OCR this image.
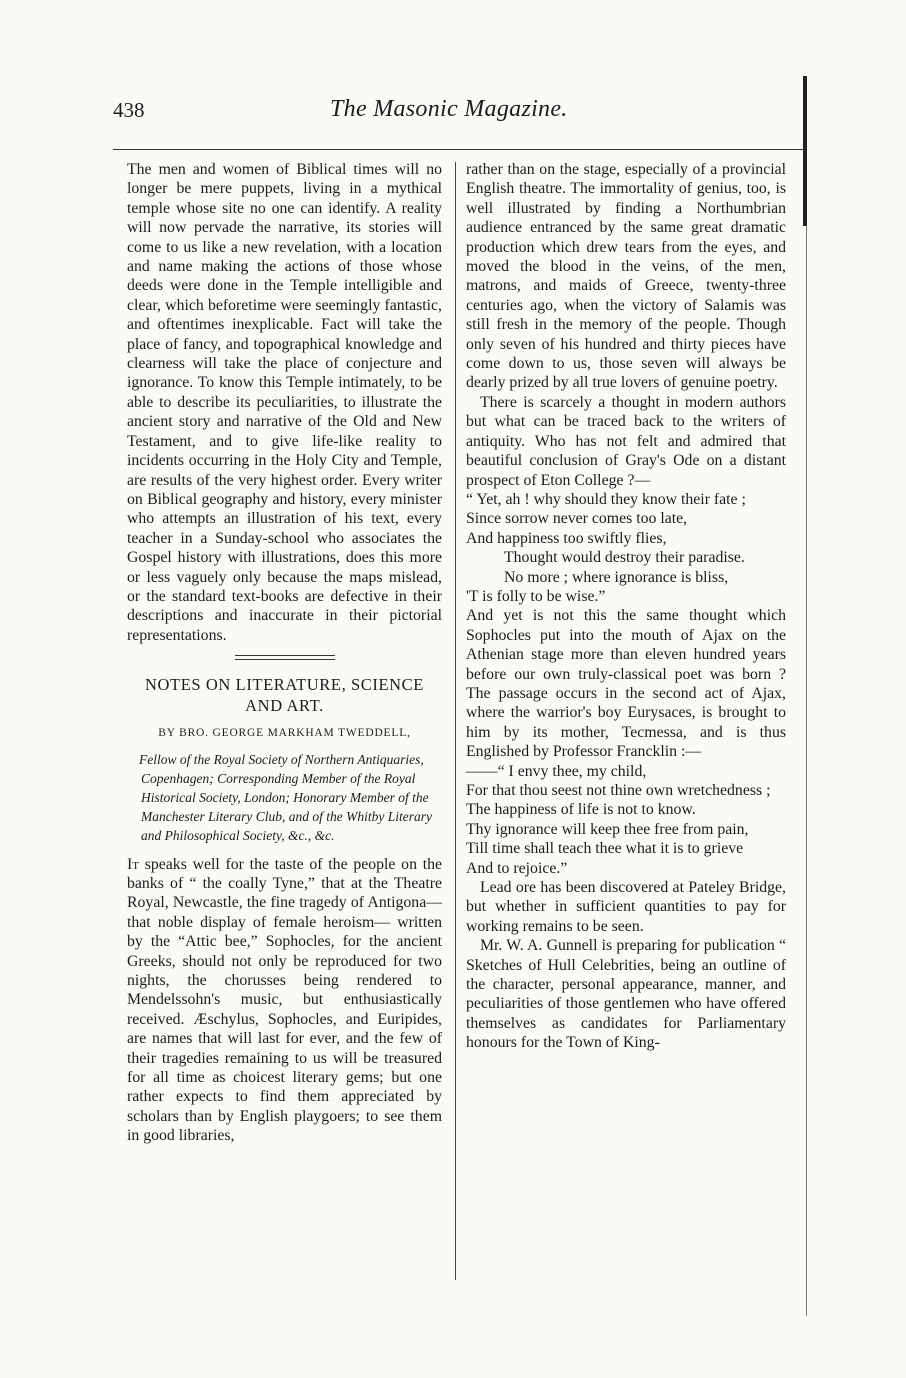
438	The Masonic Magazine.

The men and women of Biblical times will no longer be mere puppets, living in a mythical temple whose site no one can identify. A reality will now pervade the narrative, its stories will come to us like a new revelation, with a location and name making the actions of those whose deeds were done in the Temple intelligible and clear, which beforetime were seemingly fantastic, and oftentimes inexplicable. Fact will take the place of fancy, and topographical knowledge and clearness will take the place of conjecture and ignorance. To know this Temple intimately, to be able to describe its peculiarities, to illustrate the ancient story and narrative of the Old and New Testament, and to give life-like reality to incidents occurring in the Holy City and Temple, are results of the very highest order. Every writer on Biblical geography and history, every minister who attempts an illustration of his text, every teacher in a Sunday-school who associates the Gospel history with illustrations, does this more or less vaguely only because the maps mislead, or the standard text-books are defective in their descriptions and inaccurate in their pictorial representations.

NOTES ON LITERATURE, SCIENCE AND ART.
BY BRO. GEORGE MARKHAM TWEDDELL,
Fellow of the Royal Society of Northern Antiquaries, Copenhagen; Corresponding Member of the Royal Historical Society, London; Honorary Member of the Manchester Literary Club, and of the Whitby Literary and Philosophical Society, &c., &c.

It speaks well for the taste of the people on the banks of “ the coally Tyne,” that at the Theatre Royal, Newcastle, the fine tragedy of Antigona—that noble display of female heroism— written by the “Attic bee,” Sophocles, for the ancient Greeks, should not only be reproduced for two nights, the chorusses being rendered to Mendelssohn's music, but enthusiastically received. Æschylus, Sophocles, and Euripides, are names that will last for ever, and the few of their tragedies remaining to us will be treasured for all time as choicest literary gems; but one rather expects to find them appreciated by scholars than by English playgoers; to see them in good libraries,

rather than on the stage, especially of a provincial English theatre. The immortality of genius, too, is well illustrated by finding a Northumbrian audience entranced by the same great dramatic production which drew tears from the eyes, and moved the blood in the veins, of the men, matrons, and maids of Greece, twenty-three centuries ago, when the victory of Salamis was still fresh in the memory of the people. Though only seven of his hundred and thirty pieces have come down to us, those seven will always be dearly prized by all true lovers of genuine poetry.

There is scarcely a thought in modern authors but what can be traced back to the writers of antiquity. Who has not felt and admired that beautiful conclusion of Gray's Ode on a distant prospect of Eton College ?—

“ Yet, ah ! why should they know their fate ;
Since sorrow never comes too late,
And happiness too swiftly flies,
Thought would destroy their paradise.
No more ; where ignorance is bliss,
'T is folly to be wise.”

And yet is not this the same thought which Sophocles put into the mouth of Ajax on the Athenian stage more than eleven hundred years before our own truly-classical poet was born ? The passage occurs in the second act of Ajax, where the warrior's boy Eurysaces, is brought to him by its mother, Tecmessa, and is thus Englished by Professor Francklin :—

——“ I envy thee, my child,
For that thou seest not thine own wretchedness ;
The happiness of life is not to know.
Thy ignorance will keep thee free from pain,
Till time shall teach thee what it is to grieve
And to rejoice.”

Lead ore has been discovered at Pateley Bridge, but whether in sufficient quantities to pay for working remains to be seen.

Mr. W. A. Gunnell is preparing for publication “ Sketches of Hull Celebrities, being an outline of the character, personal appearance, manner, and peculiarities of those gentlemen who have offered themselves as candidates for Parliamentary honours for the Town of King-
